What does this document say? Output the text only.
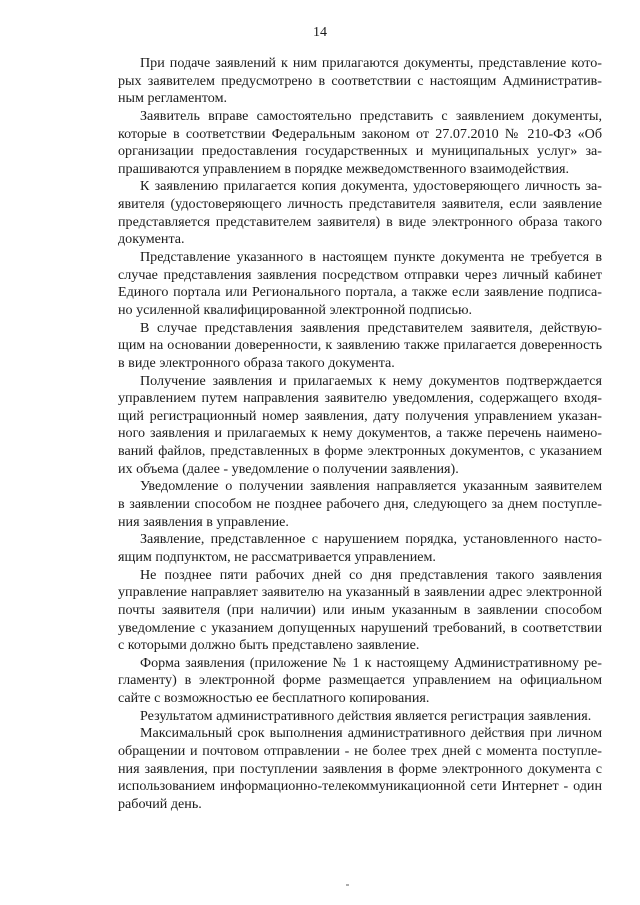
14
При подаче заявлений к ним прилагаются документы, представление кото-
рых заявителем предусмотрено в соответствии с настоящим Административ-
ным регламентом.
Заявитель вправе самостоятельно представить с заявлением документы,
которые в соответствии Федеральным законом от 27.07.2010 № 210-ФЗ «Об
организации предоставления государственных и муниципальных услуг» за-
прашиваются управлением в порядке межведомственного взаимодействия.
К заявлению прилагается копия документа, удостоверяющего личность за-
явителя (удостоверяющего личность представителя заявителя, если заявление
представляется представителем заявителя) в виде электронного образа такого
документа.
Представление указанного в настоящем пункте документа не требуется в
случае представления заявления посредством отправки через личный кабинет
Единого портала или Регионального портала, а также если заявление подписа-
но усиленной квалифицированной электронной подписью.
В случае представления заявления представителем заявителя, действую-
щим на основании доверенности, к заявлению также прилагается доверенность
в виде электронного образа такого документа.
Получение заявления и прилагаемых к нему документов подтверждается
управлением путем направления заявителю уведомления, содержащего входя-
щий регистрационный номер заявления, дату получения управлением указан-
ного заявления и прилагаемых к нему документов, а также перечень наимено-
ваний файлов, представленных в форме электронных документов, с указанием
их объема (далее - уведомление о получении заявления).
Уведомление о получении заявления направляется указанным заявителем
в заявлении способом не позднее рабочего дня, следующего за днем поступле-
ния заявления в управление.
Заявление, представленное с нарушением порядка, установленного насто-
ящим подпунктом, не рассматривается управлением.
Не позднее пяти рабочих дней со дня представления такого заявления
управление направляет заявителю на указанный в заявлении адрес электронной
почты заявителя (при наличии) или иным указанным в заявлении способом
уведомление с указанием допущенных нарушений требований, в соответствии
с которыми должно быть представлено заявление.
Форма заявления (приложение № 1 к настоящему Административному ре-
гламенту) в электронной форме размещается управлением на официальном
сайте с возможностью ее бесплатного копирования.
Результатом административного действия является регистрация заявления.
Максимальный срок выполнения административного действия при личном
обращении и почтовом отправлении - не более трех дней с момента поступле-
ния заявления, при поступлении заявления в форме электронного документа с
использованием информационно-телекоммуникационной сети Интернет - один
рабочий день.
